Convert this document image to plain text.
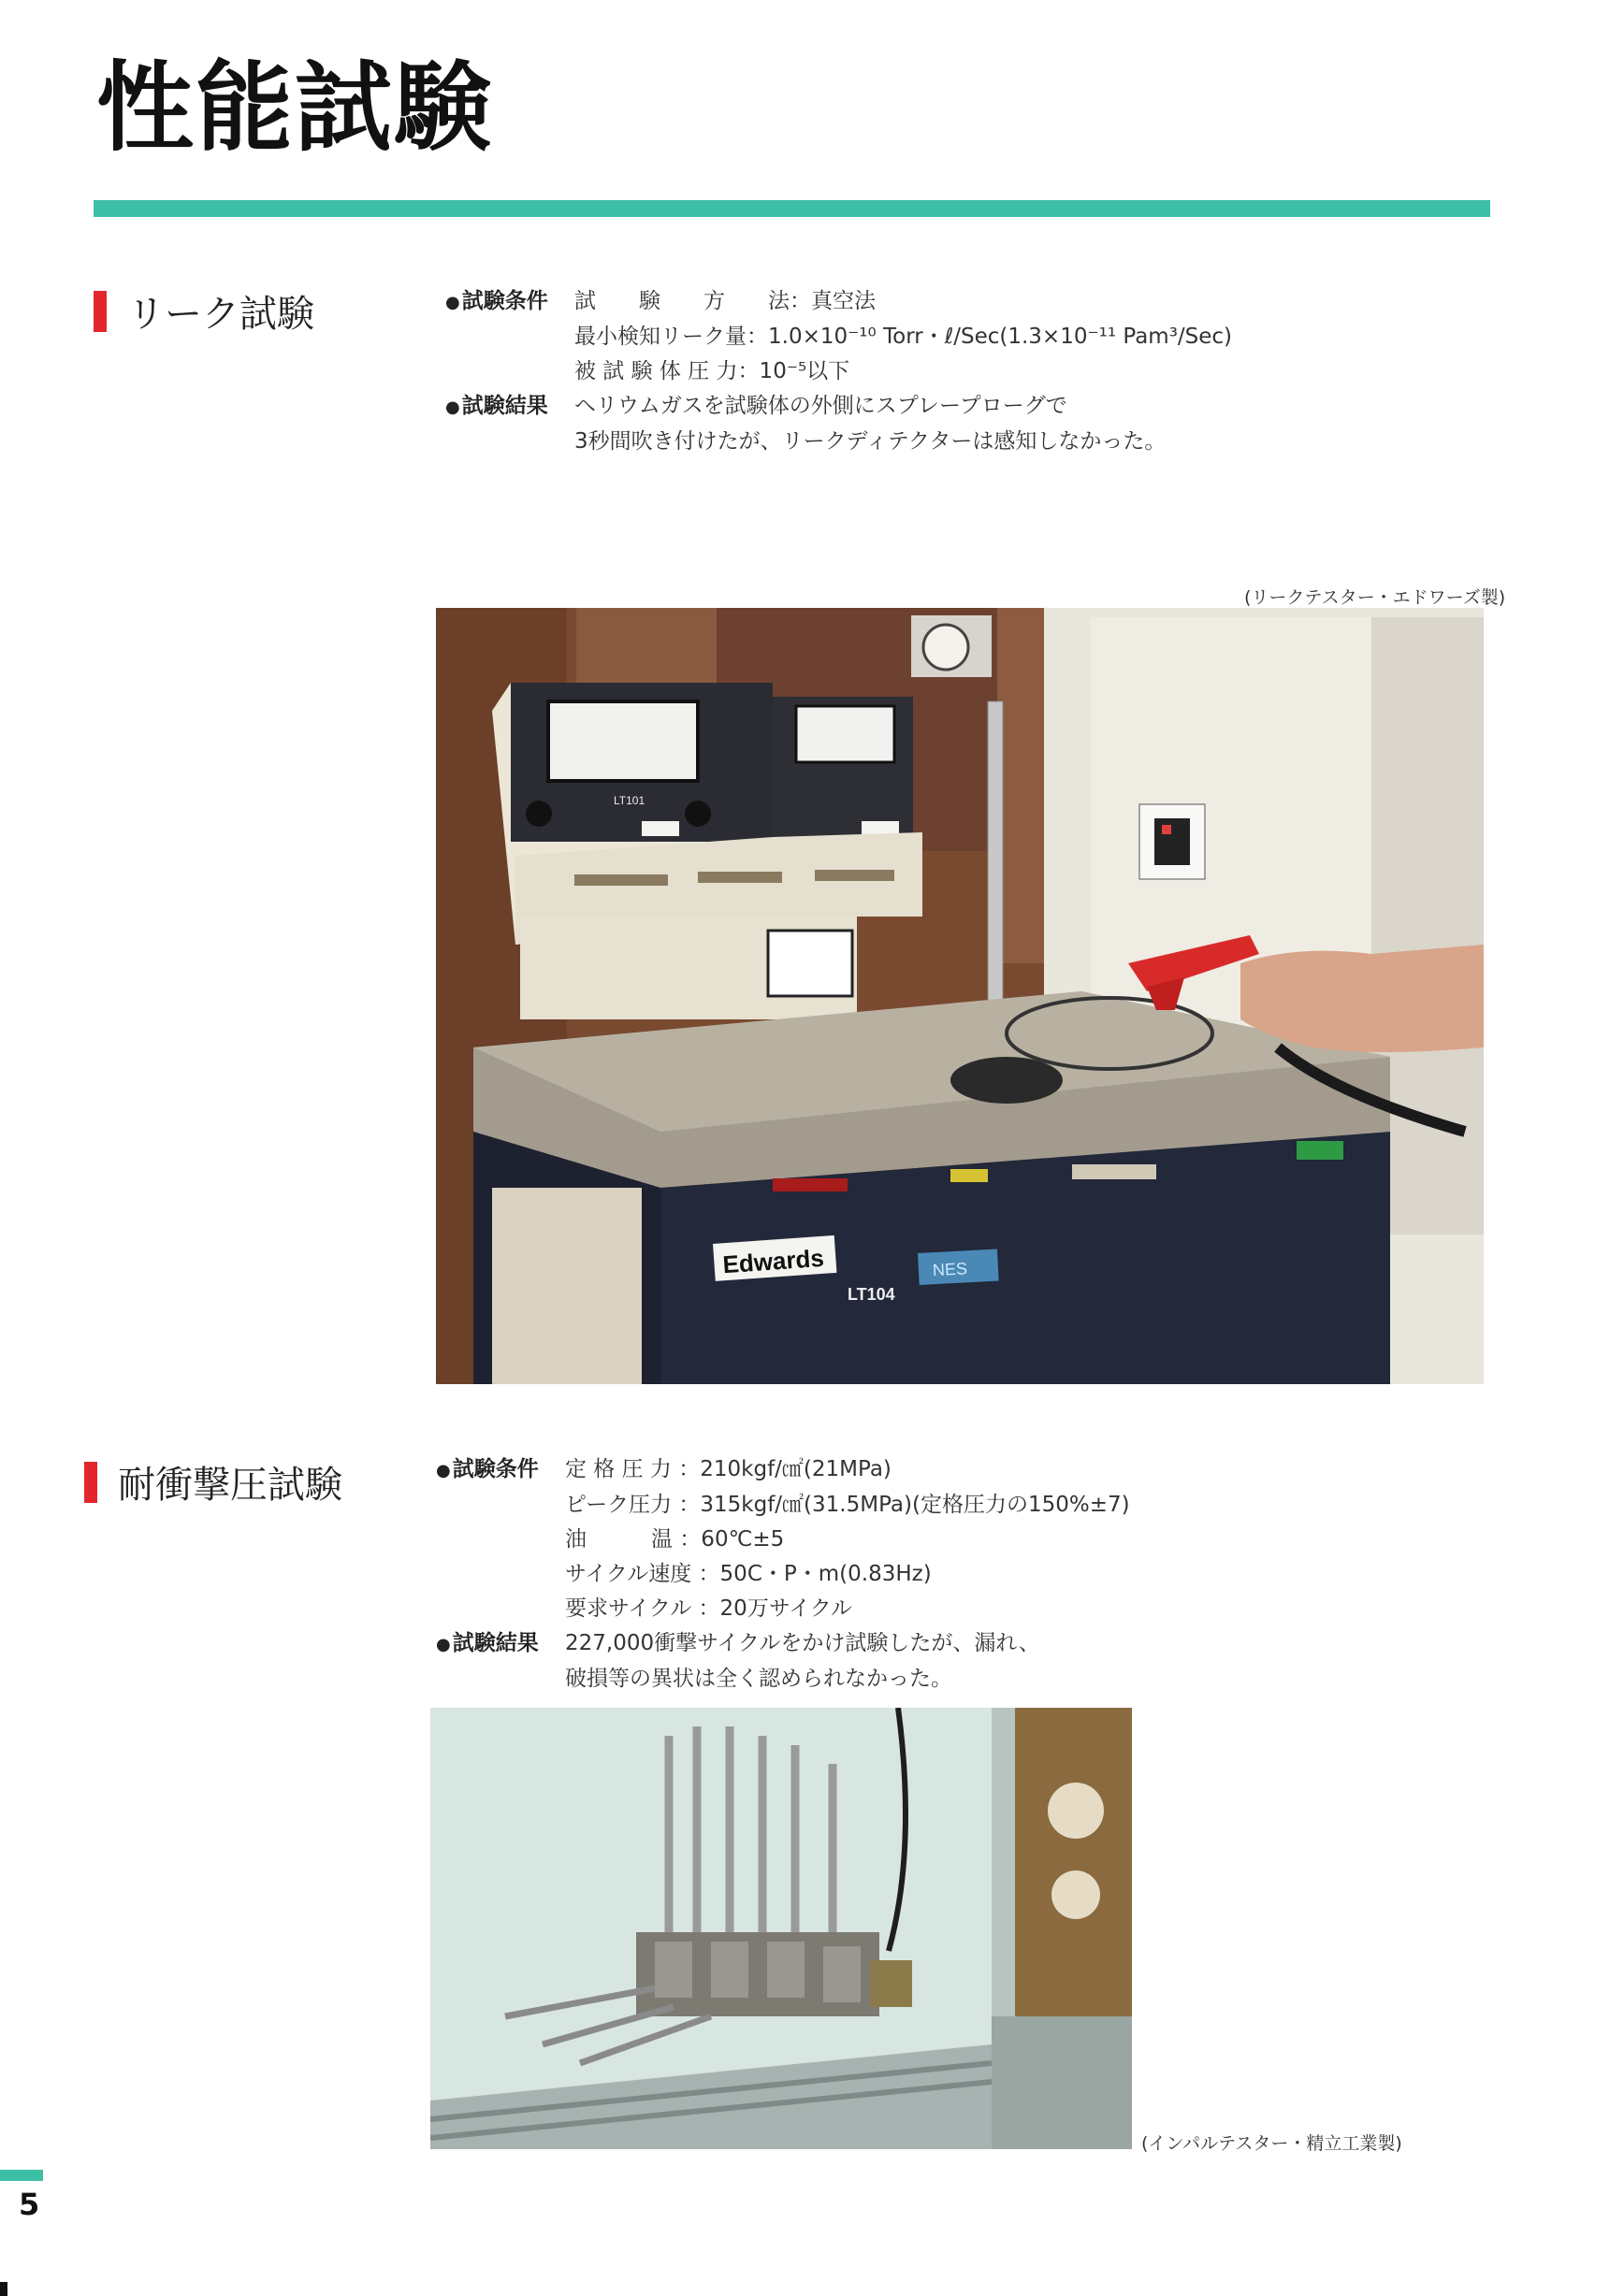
性能試験
リーク試験	● 試験条件	試　　験　　方　　法：真空法
最小検知リーク量：1.0×10⁻¹⁰ Torr・ℓ/Sec(1.3×10⁻¹¹ Pam³/Sec)
被 試 験 体 圧 力：10⁻⁵以下
● 試験結果	ヘリウムガスを試験体の外側にスプレープローグで
3秒間吹き付けたが、リークディテクターは感知しなかった。
(リークテスター・エドワーズ製)
LT101
Edwards
LT104
NES
耐衝撃圧試験	● 試験条件	定 格 圧 力 ：210kgf/㎠(21MPa)
ピーク圧力 ：315kgf/㎠(31.5MPa)(定格圧力の150%±7)
油　　　温 ：60℃±5
サイクル速度 ：50C・P・m(0.83Hz)
要求サイクル ：20万サイクル
● 試験結果	227,000衝撃サイクルをかけ試験したが、漏れ、
破損等の異状は全く認められなかった。
(インパルテスター・精立工業製)
5
